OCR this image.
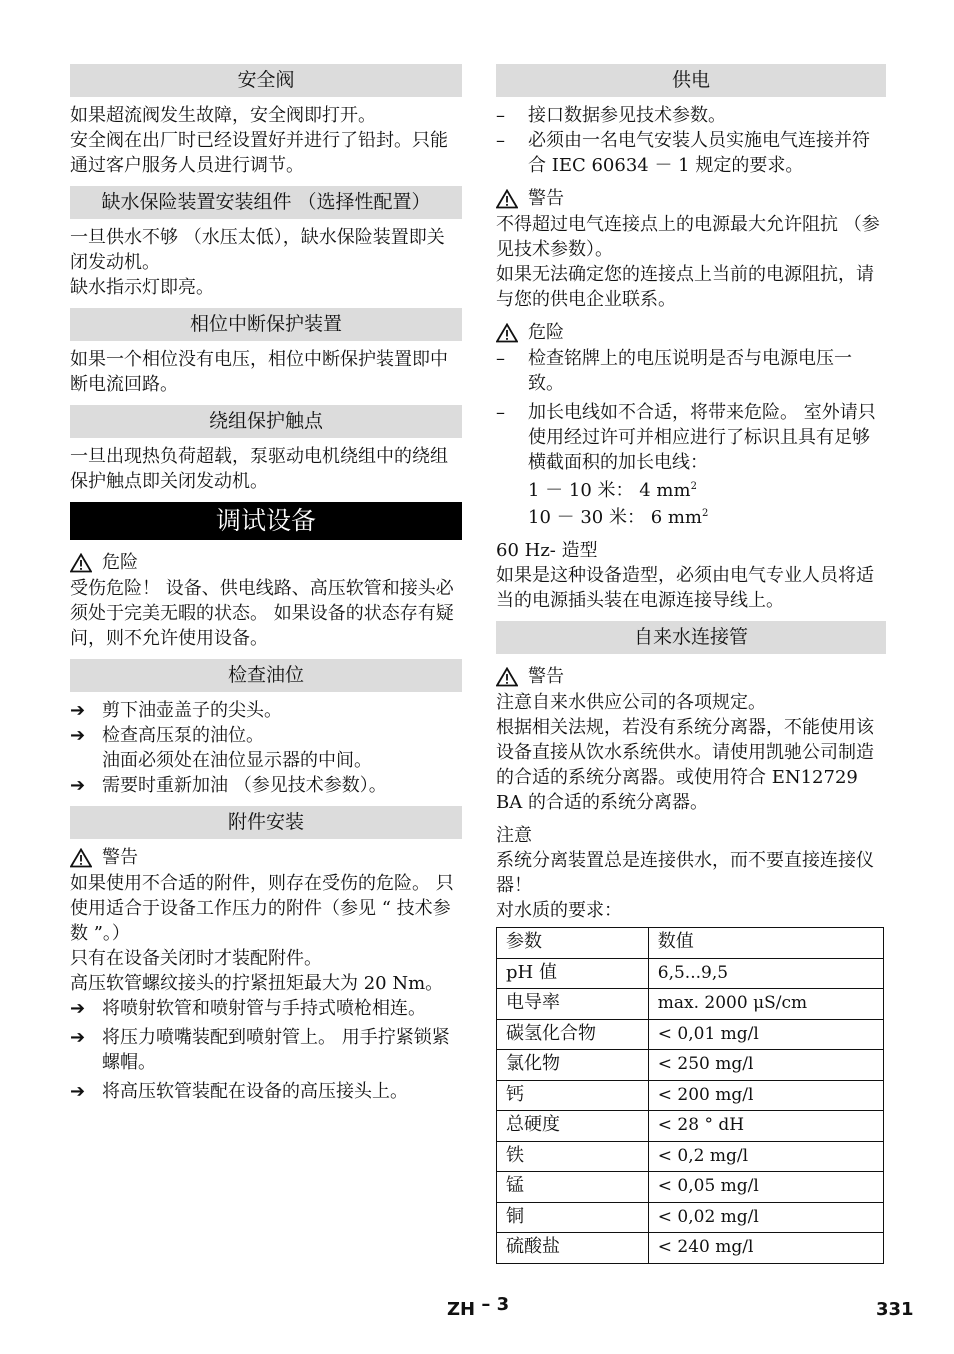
安全阀

如果超流阀发生故障，安全阀即打开。

安全阀在出厂时已经设置好并进行了铅封。只能通过客户服务人员进行调节。

缺水保险装置安装组件 （选择性配置）

一旦供水不够 （水压太低），缺水保险装置即关闭发动机。

缺水指示灯即亮。

相位中断保护装置

如果一个相位没有电压，相位中断保护装置即中断电流回路。

绕组保护触点

一旦出现热负荷超载，泵驱动电机绕组中的绕组保护触点即关闭发动机。

调试设备
危险

受伤危险！ 设备、供电线路、高压软管和接头必须处于完美无暇的状态。 如果设备的状态存有疑问，则不允许使用设备。

检查油位
➔ 剪下油壶盖子的尖头。
➔ 检查高压泵的油位。

油面必须处在油位显示器的中间。

➔ 需要时重新加油 （参见技术参数）。
附件安装
警告

如果使用不合适的附件，则存在受伤的危险。 只使用适合于设备工作压力的附件（参见 “ 技术参数 ”。）

只有在设备关闭时才装配附件。

高压软管螺纹接头的拧紧扭矩最大为 20 Nm。

➔ 将喷射软管和喷射管与手持式喷枪相连。
➔ 将压力喷嘴装配到喷射管上。 用手拧紧锁紧螺帽。
➔ 将高压软管装配在设备的高压接头上。
供电
–	接口数据参见技术参数。
–	必须由一名电气安装人员实施电气连接并符合 IEC 60634 － 1 规定的要求。
警告

不得超过电气连接点上的电源最大允许阻抗 （参见技术参数）。

如果无法确定您的连接点上当前的电源阻抗，请与您的供电企业联系。

危险
–	检查铭牌上的电压说明是否与电源电压一致。
–	加长电线如不合适，将带来危险。 室外请只使用经过许可并相应进行了标识且具有足够横截面积的加长电线：

1 － 10 米： 4 $mm^2$

10 － 30 米： 6 $mm^2$

60 Hz- 造型

如果是这种设备造型，必须由电气专业人员将适当的电源插头装在电源连接导线上。

自来水连接管
警告

注意自来水供应公司的各项规定。

根据相关法规，若没有系统分离器，不能使用该设备直接从饮水系统供水。请使用凯驰公司制造的合适的系统分离器。或使用符合 EN12729 BA 的合适的系统分离器。

注意

系统分离装置总是连接供水，而不要直接连接仪器！

对水质的要求：

参数	数值
pH 值	6,5...9,5
电导率	max. 2000 μS/cm
碳氢化合物	< 0,01 mg/l
氯化物	< 250 mg/l
钙	< 200 mg/l
总硬度	< 28 ° dH
铁	< 0,2 mg/l
锰	< 0,05 mg/l
铜	< 0,02 mg/l
硫酸盐	< 240 mg/l
ZH – 3	331
